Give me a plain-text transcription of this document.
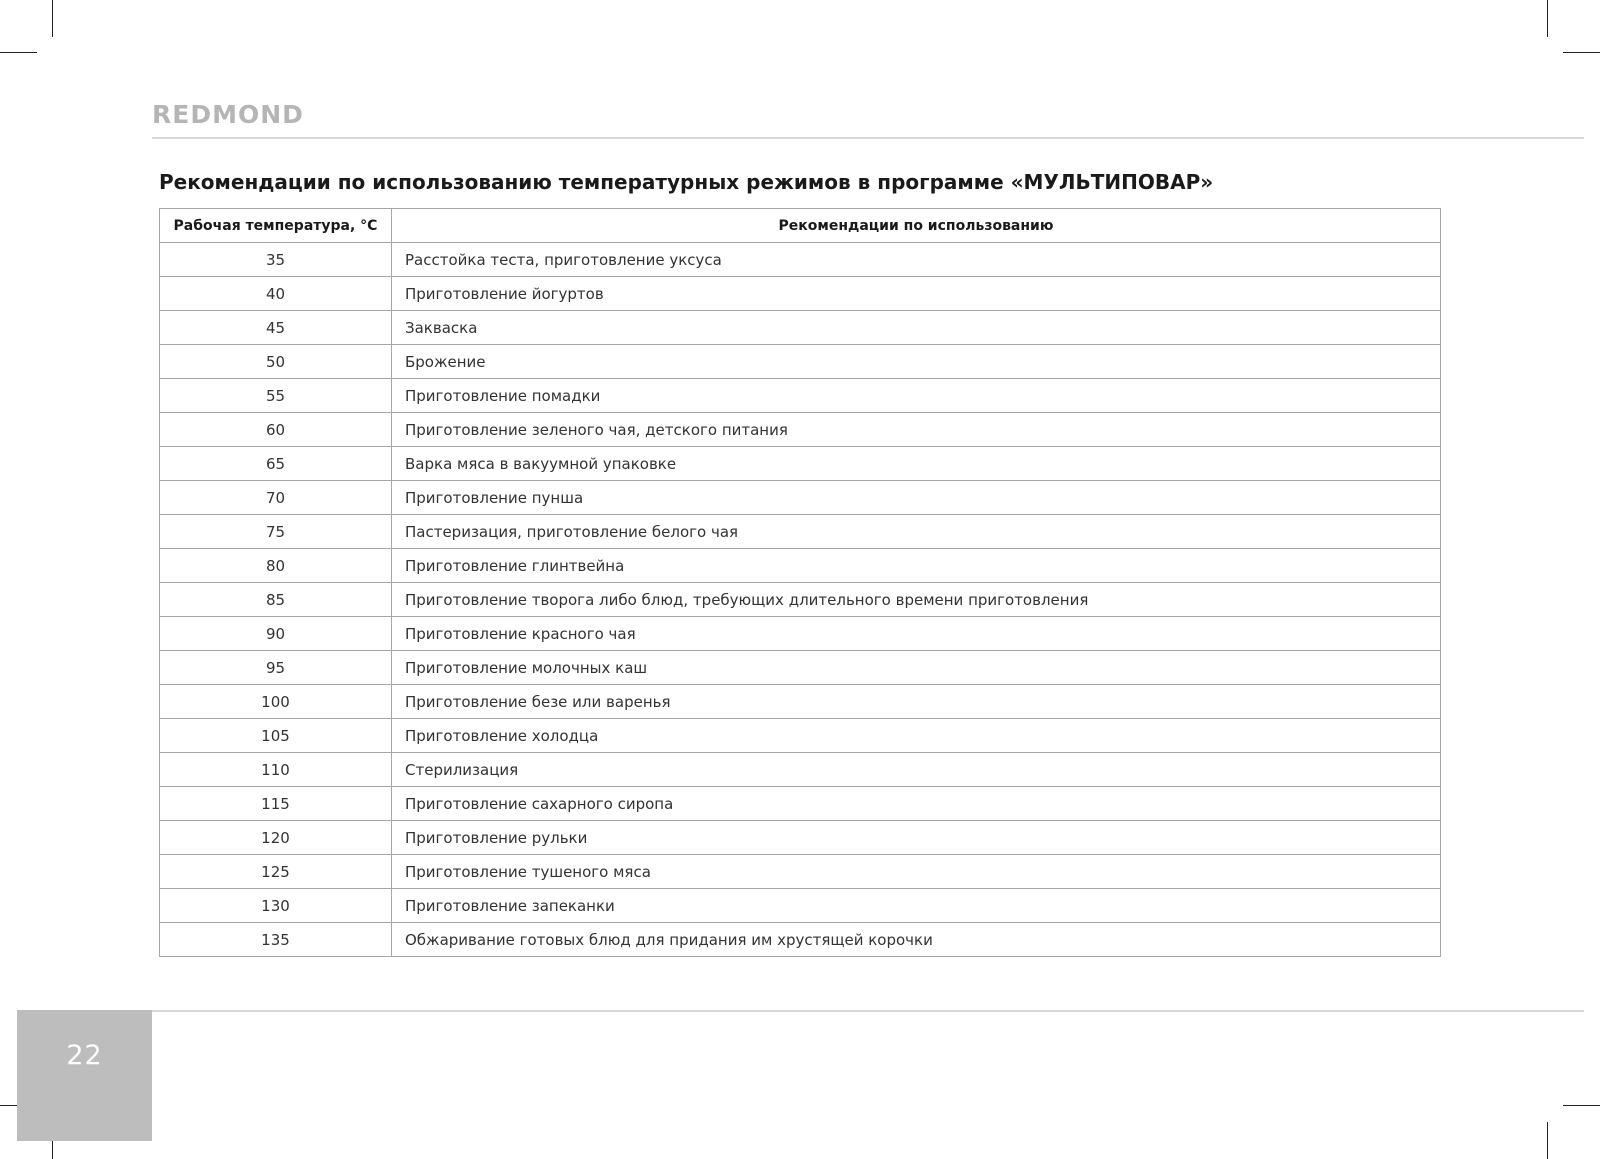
REDMOND
Рекомендации по использованию температурных режимов в программе «МУЛЬТИПОВАР»
Рабочая температура, °С	Рекомендации по использованию
35	Расстойка теста, приготовление уксуса
40	Приготовление йогуртов
45	Закваска
50	Брожение
55	Приготовление помадки
60	Приготовление зеленого чая, детского питания
65	Варка мяса в вакуумной упаковке
70	Приготовление пунша
75	Пастеризация, приготовление белого чая
80	Приготовление глинтвейна
85	Приготовление творога либо блюд, требующих длительного времени приготовления
90	Приготовление красного чая
95	Приготовление молочных каш
100	Приготовление безе или варенья
105	Приготовление холодца
110	Стерилизация
115	Приготовление сахарного сиропа
120	Приготовление рульки
125	Приготовление тушеного мяса
130	Приготовление запеканки
135	Обжаривание готовых блюд для придания им хрустящей корочки
22
